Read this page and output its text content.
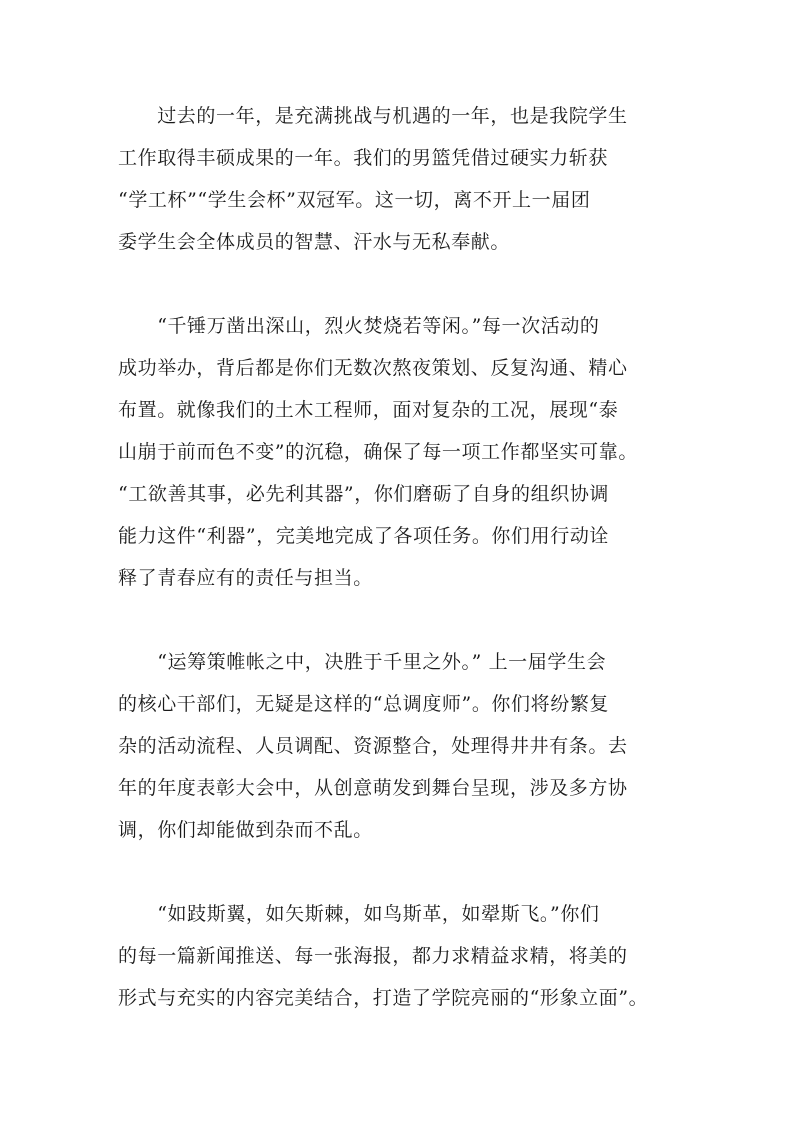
　　过去的一年，是充满挑战与机遇的一年，也是我院学生
工作取得丰硕成果的一年。我们的男篮凭借过硬实力斩获
“学工杯”“学生会杯”双冠军。这一切，离不开上一届团
委学生会全体成员的智慧、汗水与无私奉献。
　　“千锤万凿出深山，烈火焚烧若等闲。”每一次活动的
成功举办，背后都是你们无数次熬夜策划、反复沟通、精心
布置。就像我们的土木工程师，面对复杂的工况，展现“泰
山崩于前而色不变”的沉稳，确保了每一项工作都坚实可靠。
“工欲善其事，必先利其器”，你们磨砺了自身的组织协调
能力这件“利器”，完美地完成了各项任务。你们用行动诠
释了青春应有的责任与担当。
　　“运筹策帷帐之中，决胜于千里之外。” 上一届学生会
的核心干部们，无疑是这样的“总调度师”。你们将纷繁复
杂的活动流程、人员调配、资源整合，处理得井井有条。去
年的年度表彰大会中，从创意萌发到舞台呈现，涉及多方协
调，你们却能做到杂而不乱。
　　“如跂斯翼，如矢斯棘，如鸟斯革，如翚斯飞。”你们
的每一篇新闻推送、每一张海报，都力求精益求精，将美的
形式与充实的内容完美结合，打造了学院亮丽的“形象立面”。
